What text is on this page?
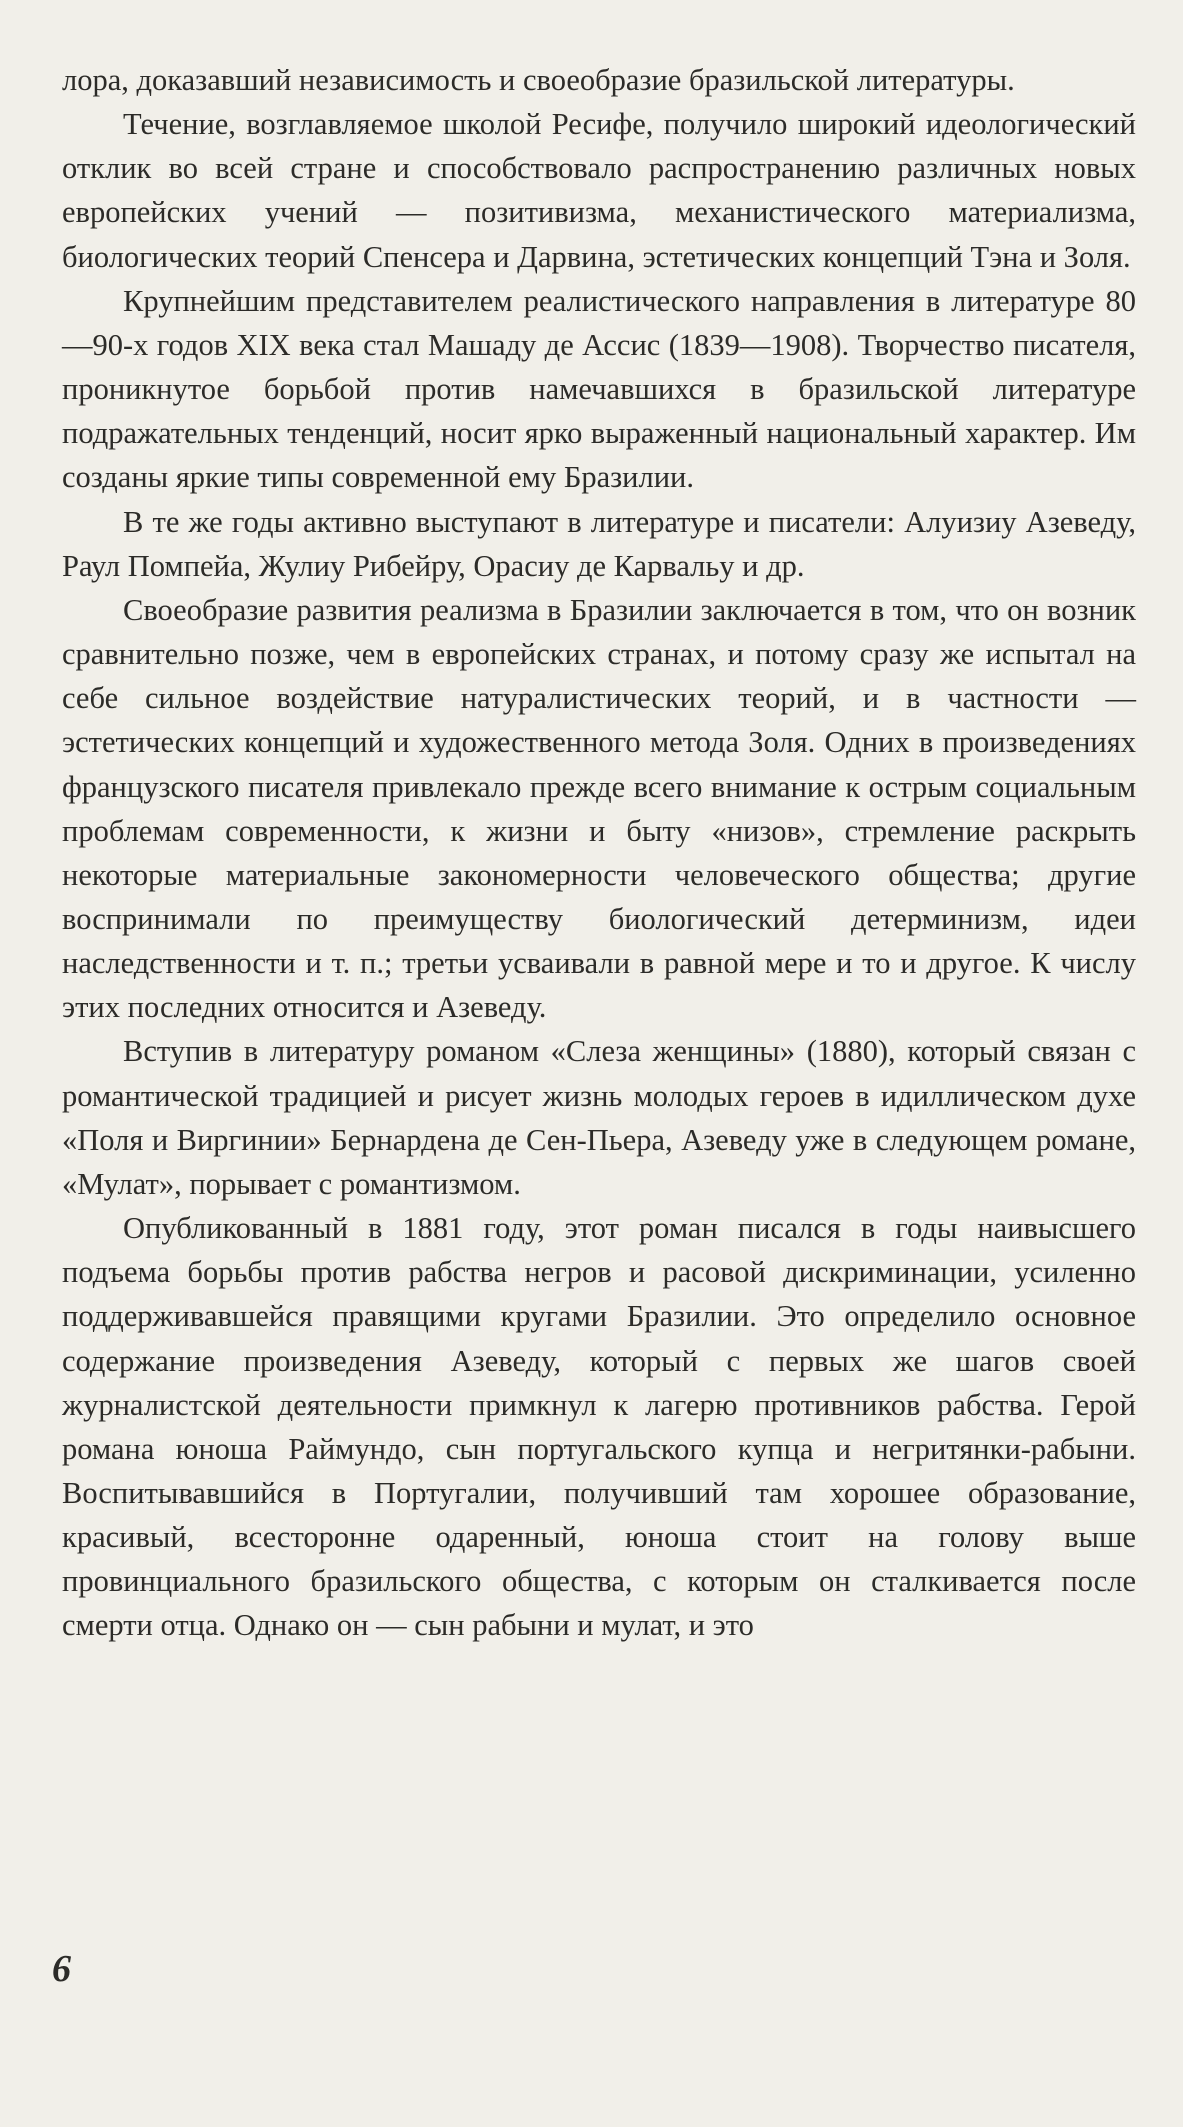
лора, доказавший независимость и своеобразие бразильской литературы.

Течение, возглавляемое школой Ресифе, получило широкий идеологический отклик во всей стране и способствовало распространению различных новых европейских учений — позитивизма, механистического материализма, биологических теорий Спенсера и Дарвина, эстетических концепций Тэна и Золя.

Крупнейшим представителем реалистического направления в литературе 80—90-х годов XIX века стал Машаду де Ассис (1839—1908). Творчество писателя, проникнутое борьбой против намечавшихся в бразильской литературе подражательных тенденций, носит ярко выраженный национальный характер. Им созданы яркие типы современной ему Бразилии.

В те же годы активно выступают в литературе и писатели: Алуизиу Азеведу, Раул Помпейа, Жулиу Рибейру, Орасиу де Карвальу и др.

Своеобразие развития реализма в Бразилии заключается в том, что он возник сравнительно позже, чем в европейских странах, и потому сразу же испытал на себе сильное воздействие натуралистических теорий, и в частности — эстетических концепций и художественного метода Золя. Одних в произведениях французского писателя привлекало прежде всего внимание к острым социальным проблемам современности, к жизни и быту «низов», стремление раскрыть некоторые материальные закономерности человеческого общества; другие воспринимали по преимуществу биологический детерминизм, идеи наследственности и т. п.; третьи усваивали в равной мере и то и другое. К числу этих последних относится и Азеведу.

Вступив в литературу романом «Слеза женщины» (1880), который связан с романтической традицией и рисует жизнь молодых героев в идиллическом духе «Поля и Виргинии» Бернардена де Сен-Пьера, Азеведу уже в следующем романе, «Мулат», порывает с романтизмом.

Опубликованный в 1881 году, этот роман писался в годы наивысшего подъема борьбы против рабства негров и расовой дискриминации, усиленно поддерживавшейся правящими кругами Бразилии. Это определило основное содержание произведения Азеведу, который с первых же шагов своей журналистской деятельности примкнул к лагерю противников рабства. Герой романа юноша Раймундо, сын португальского купца и негритянки-рабыни. Воспитывавшийся в Португалии, получивший там хорошее образование, красивый, всесторонне одаренный, юноша стоит на голову выше провинциального бразильского общества, с которым он сталкивается после смерти отца. Однако он — сын рабыни и мулат, и это

6
